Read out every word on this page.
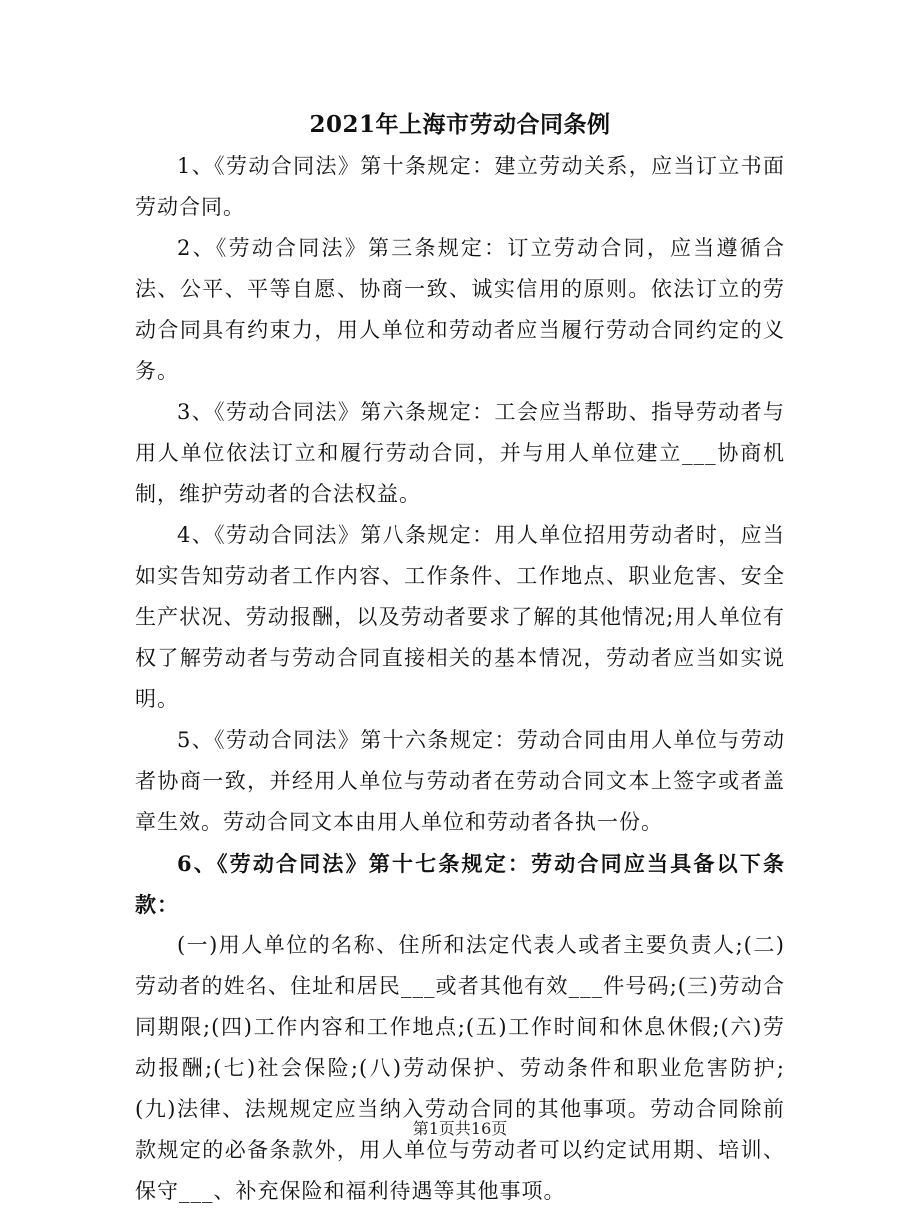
2021年上海市劳动合同条例

1、《劳动合同法》第十条规定：建立劳动关系，应当订立书面劳动合同。

2、《劳动合同法》第三条规定：订立劳动合同，应当遵循合法、公平、平等自愿、协商一致、诚实信用的原则。依法订立的劳动合同具有约束力，用人单位和劳动者应当履行劳动合同约定的义务。

3、《劳动合同法》第六条规定：工会应当帮助、指导劳动者与用人单位依法订立和履行劳动合同，并与用人单位建立___协商机制，维护劳动者的合法权益。

4、《劳动合同法》第八条规定：用人单位招用劳动者时，应当如实告知劳动者工作内容、工作条件、工作地点、职业危害、安全生产状况、劳动报酬，以及劳动者要求了解的其他情况;用人单位有权了解劳动者与劳动合同直接相关的基本情况，劳动者应当如实说明。

5、《劳动合同法》第十六条规定：劳动合同由用人单位与劳动者协商一致，并经用人单位与劳动者在劳动合同文本上签字或者盖章生效。劳动合同文本由用人单位和劳动者各执一份。

6、《劳动合同法》第十七条规定：劳动合同应当具备以下条款：

(一)用人单位的名称、住所和法定代表人或者主要负责人;(二)劳动者的姓名、住址和居民___或者其他有效___件号码;(三)劳动合同期限;(四)工作内容和工作地点;(五)工作时间和休息休假;(六)劳动报酬;(七)社会保险;(八)劳动保护、劳动条件和职业危害防护;(九)法律、法规规定应当纳入劳动合同的其他事项。劳动合同除前款规定的必备条款外，用人单位与劳动者可以约定试用期、培训、保守___、补充保险和福利待遇等其他事项。

第1页共16页
